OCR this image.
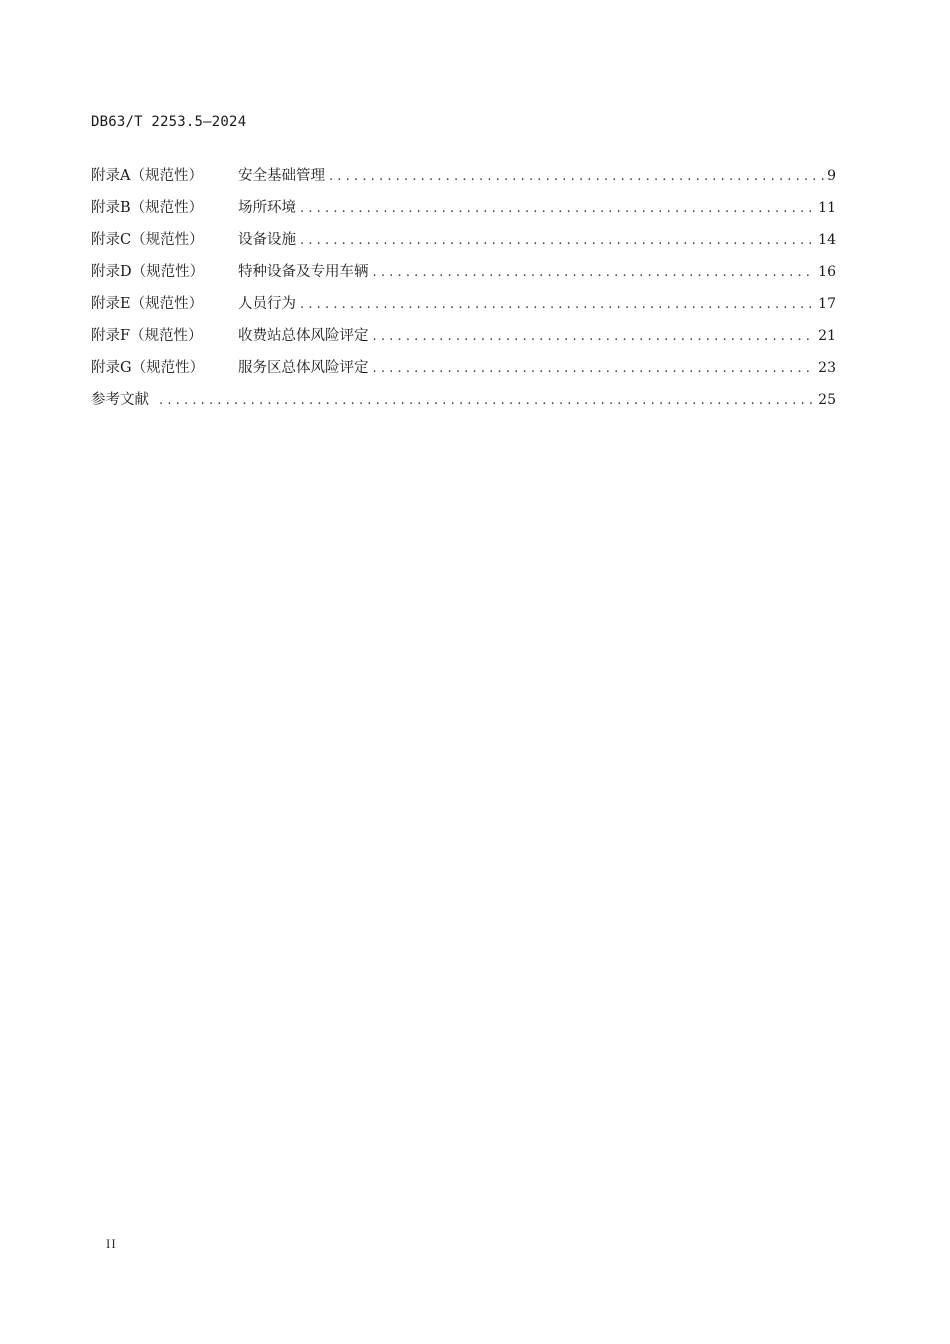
DB63/T 2253.5—2024
附录A（规范性）	安全基础管理 .....	9
附录B（规范性）	场所环境 .....	11
附录C（规范性）	设备设施 .....	14
附录D（规范性）	特种设备及专用车辆 .....	16
附录E（规范性）	人员行为 .....	17
附录F（规范性）	收费站总体风险评定 .....	21
附录G（规范性）	服务区总体风险评定 .....	23
参考文献 .....	25
II
